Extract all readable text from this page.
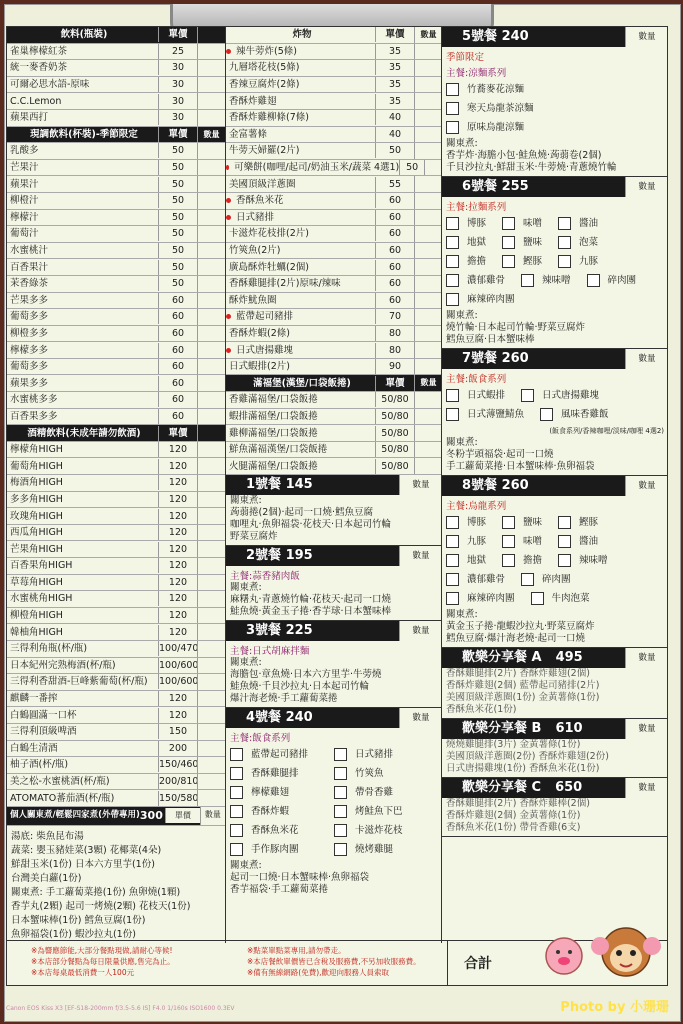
飲料(瓶裝)	單價
雀巢檸檬紅茶	25
統一麥香奶茶	30
可爾必思水語-原味	30
C.C.Lemon	30
蘋果西打	30
現調飲料(杯裝)-季節限定	單價	數量
乳酸多	50
芒果汁	50
蘋果汁	50
柳橙汁	50
檸檬汁	50
葡萄汁	50
水蜜桃汁	50
百香果汁	50
茉香綠茶	50
芒果多多	60
葡萄多多	60
柳橙多多	60
檸檬多多	60
葡萄多多	60
蘋果多多	60
水蜜桃多多	60
百香果多多	60
酒精飲料(未成年請勿飲酒)	單價
檸檬角HIGH	120
葡萄角HIGH	120
梅酒角HIGH	120
多多角HIGH	120
玫瑰角HIGH	120
西瓜角HIGH	120
芒果角HIGH	120
百香果角HIGH	120
草莓角HIGH	120
水蜜桃角HIGH	120
柳橙角HIGH	120
韓柚角HIGH	120
三得利角瓶(杯/瓶)	100/470
日本紀州完熟梅酒(杯/瓶)	100/600
三得利香甜酒-巨峰紫葡萄(杯/瓶)	100/600
麒麟一番搾	120
白鶴圓滿一口杯	120
三得利頂級啤酒	150
白鶴生清酒	200
柚子酒(杯/瓶)	150/460
美之松-水蜜桃酒(杯/瓶)	200/810
ATOMATO蕃茄酒(杯/瓶)	150/580
個人關東煮/輕鬆四家煮(外帶專用) 300	單價	數量
湯底: 柴魚昆布湯
蔬菜: 嬰玉豬娃菜(3顆) 花椰菜(4朵)
鮮甜玉米(1份) 日本六方里芋(1份)
台灣美白蘿(1份)
關東煮: 手工蘿蔔菜捲(1份) 魚卵燒(1顆)
香芋丸(2顆) 起司一烤燒(2顆) 花枝天(1份)
日本蟹味棒(1份) 鱈魚豆腐(1份)
魚卵福袋(1份) 蝦沙拉丸(1份)
炸物	單價	數量
辣牛蒡炸(5條)	35
九層塔花枝(5條)	35
香辣豆腐炸(2條)	35
香酥炸雞翅	35
香酥炸雞柳條(7條)	40
金富薯條	40
牛蒡天婦羅(2片)	50
可樂餅(咖哩/起司/奶油玉米/蔬菜 4選1) 50
美國頂級洋蔥圈	55
香酥魚米花	60
日式豬排	60
卡滋炸花枝排(2片)	60
竹筴魚(2片)	60
廣島酥炸牡蠣(2個)	60
香酥雞腿排(2片)原味/辣味	60
酥炸魷魚圈	60
藍帶起司豬排	70
香酥炸蝦(2條)	80
日式唐揚雞塊	80
日式蝦排(2片)	90
滿福堡(漢堡/口袋飯捲)	單價	數量
香雞滿福堡/口袋飯捲	50/80
蝦排滿福堡/口袋飯捲	50/80
雞柳滿福堡/口袋飯捲	50/80
鮮魚滿福漢堡/口袋飯捲	50/80
火腿滿福堡/口袋飯捲	50/80
1號餐 145	數量
關東煮:
蒟蒻捲(2個)·起司一口燒·鱈魚豆腐
咖哩丸·魚卵福袋·花枝天·日本起司竹輪
野菜豆腐炸
2號餐 195	數量
主餐:蒜香豬肉飯
關東煮:
麻糬丸·青蔥燒竹輪·花枝天·起司一口燒
鮭魚燒·黃金玉子捲·香芋球·日本蟹味棒
3號餐 225	數量
主餐:日式胡麻拌麵
關東煮:
海膽包·章魚燒·日本六方里芋·牛蒡燒
鮭魚燒·千貝沙拉丸·日本起司竹輪
爆汁海老燒·手工蘿蔔菜捲
4號餐 240	數量
主餐:飯食系列
藍帶起司豬排	日式豬排
香酥雞腿排	竹筴魚
檸檬雞翅	帶骨香雞
香酥炸蝦	烤鮭魚下巴
香酥魚米花	卡滋炸花枝
手作豚肉團	燒烤雞腿
關東煮:
起司一口燒·日本蟹味棒·魚卵福袋
香芋福袋·手工蘿蔔菜捲
5號餐 240	數量
季節限定
主餐:涼麵系列
竹蕎麥花涼麵
寒天烏龍茶涼麵
原味烏龍涼麵
關東煮:
香芋炸·海膽小包·鮭魚燒·蒟蒻卷(2個)
千貝沙拉丸·鮮甜玉米·牛蒡燒·青蔥燒竹輪
6號餐 255	數量
主餐:拉麵系列
博豚	味噌	醬油
地獄	鹽味	泡菜
擔擔	鰹豚	九豚
濃郁雞骨	辣味噌	碎肉團
麻辣碎肉團
關東煮:
燒竹輪·日本起司竹輪·野菜豆腐炸
鱈魚豆腐·日本蟹味棒
7號餐 260	數量
主餐:飯食系列
日式蝦排	日式唐揚雞塊
日式薄鹽鯖魚	風味香雞飯
(飯食系列/香辣咖哩/淡味/咖哩 4選2)
關東煮:
冬粉芋頭福袋·起司一口燒
手工蘿蔔菜捲·日本蟹味棒·魚卵福袋
8號餐 260	數量
主餐:烏龍系列
博豚	鹽味	鰹豚
九豚	味噌	醬油
地獄	擔擔	辣味噌
濃郁雞骨	碎肉團
麻辣碎肉團	牛肉泡菜
關東煮:
黃金玉子捲·龍蝦沙拉丸·野菜豆腐炸
鱈魚豆腐·爆汁海老燒·起司一口燒
歡樂分享餐 A 495	數量
香酥雞腿排(2片) 香酥炸雞翅(2個)
香酥炸雞翅(2個) 藍帶起司豬排(2片)
美國頂級洋蔥圈(1份) 金黃薯條(1份)
香酥魚米花(1份)
歡樂分享餐 B 610	數量
燒燒雞腿排(3片) 金黃薯條(1份)
美國頂級洋蔥圈(2份) 香酥炸雞翅(2份)
日式唐揚雞塊(1份) 香酥魚米花(1份)
歡樂分享餐 C 650	數量
香酥雞腿排(2片) 香酥炸雞棒(2個)
香酥炸雞翅(2個) 金黃薯條(1份)
香酥魚米花(1份) 帶骨香雞(6支)
※為響應節能,大部分餐點現做,請耐心等候!
※本店部分餐點為每日限量供應,售完為止。
※本店每桌最低消費一人100元
※點菜單點菜專用,請勿帶走。
※本店餐飲單價皆已含稅及服務費,不另加收服務費。
※備有無線網路(免費),歡迎向服務人員索取
合計
Canon EOS Kiss X3 [EF-S18-200mm f/3.5-5.6 IS] F4.0 1/160s ISO1600 0.3EV	Photo by 小珊珊
